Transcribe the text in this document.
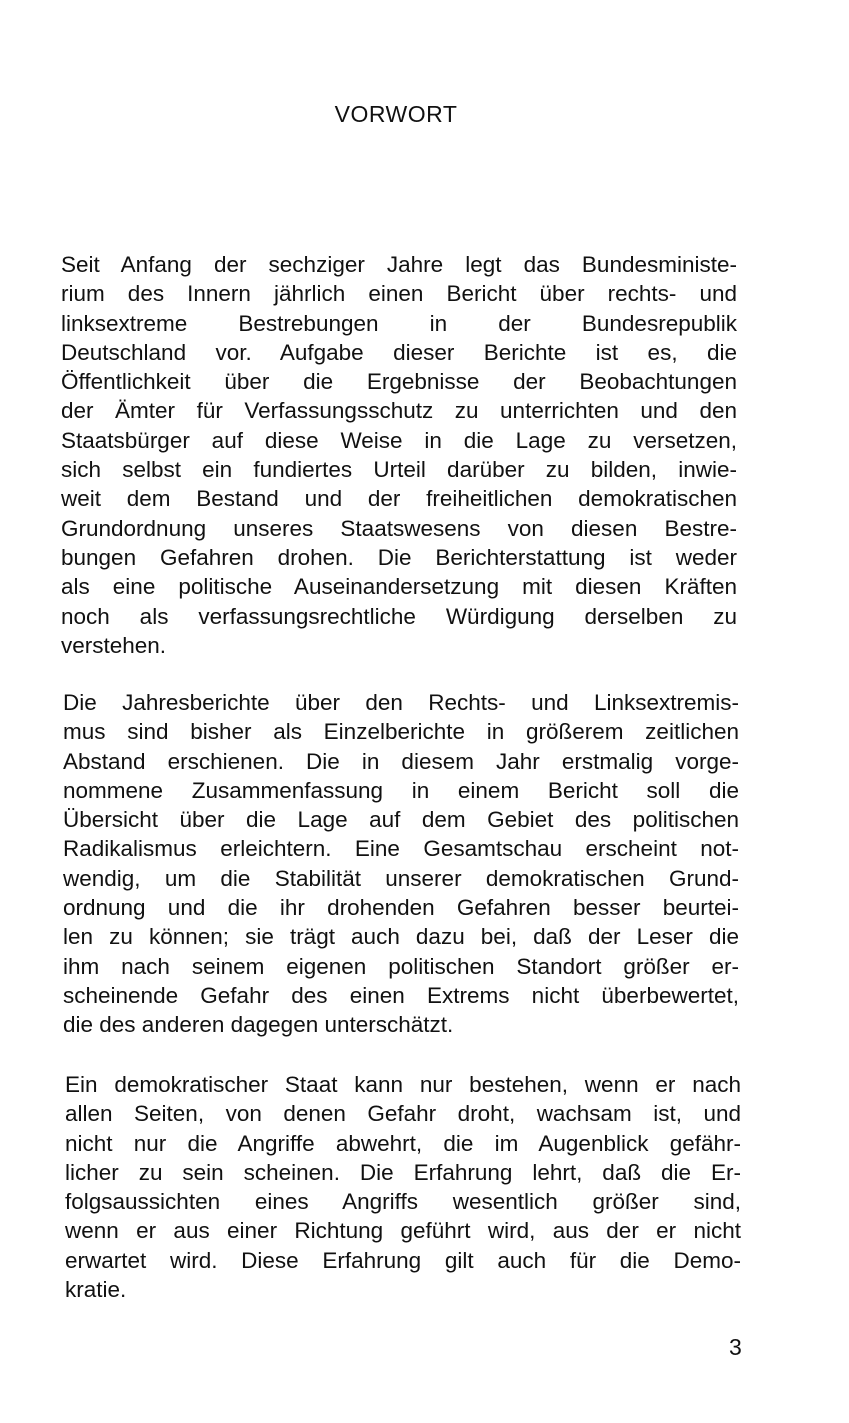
VORWORT
Seit Anfang der sechziger Jahre legt das Bundesministe-
rium des Innern jährlich einen Bericht über rechts- und
linksextreme Bestrebungen in der Bundesrepublik
Deutschland vor. Aufgabe dieser Berichte ist es, die
Öffentlichkeit über die Ergebnisse der Beobachtungen
der Ämter für Verfassungsschutz zu unterrichten und den
Staatsbürger auf diese Weise in die Lage zu versetzen,
sich selbst ein fundiertes Urteil darüber zu bilden, inwie-
weit dem Bestand und der freiheitlichen demokratischen
Grundordnung unseres Staatswesens von diesen Bestre-
bungen Gefahren drohen. Die Berichterstattung ist weder
als eine politische Auseinandersetzung mit diesen Kräften
noch als verfassungsrechtliche Würdigung derselben zu
verstehen.
Die Jahresberichte über den Rechts- und Linksextremis-
mus sind bisher als Einzelberichte in größerem zeitlichen
Abstand erschienen. Die in diesem Jahr erstmalig vorge-
nommene Zusammenfassung in einem Bericht soll die
Übersicht über die Lage auf dem Gebiet des politischen
Radikalismus erleichtern. Eine Gesamtschau erscheint not-
wendig, um die Stabilität unserer demokratischen Grund-
ordnung und die ihr drohenden Gefahren besser beurtei-
len zu können; sie trägt auch dazu bei, daß der Leser die
ihm nach seinem eigenen politischen Standort größer er-
scheinende Gefahr des einen Extrems nicht überbewertet,
die des anderen dagegen unterschätzt.
Ein demokratischer Staat kann nur bestehen, wenn er nach
allen Seiten, von denen Gefahr droht, wachsam ist, und
nicht nur die Angriffe abwehrt, die im Augenblick gefähr-
licher zu sein scheinen. Die Erfahrung lehrt, daß die Er-
folgsaussichten eines Angriffs wesentlich größer sind,
wenn er aus einer Richtung geführt wird, aus der er nicht
erwartet wird. Diese Erfahrung gilt auch für die Demo-
kratie.
3
